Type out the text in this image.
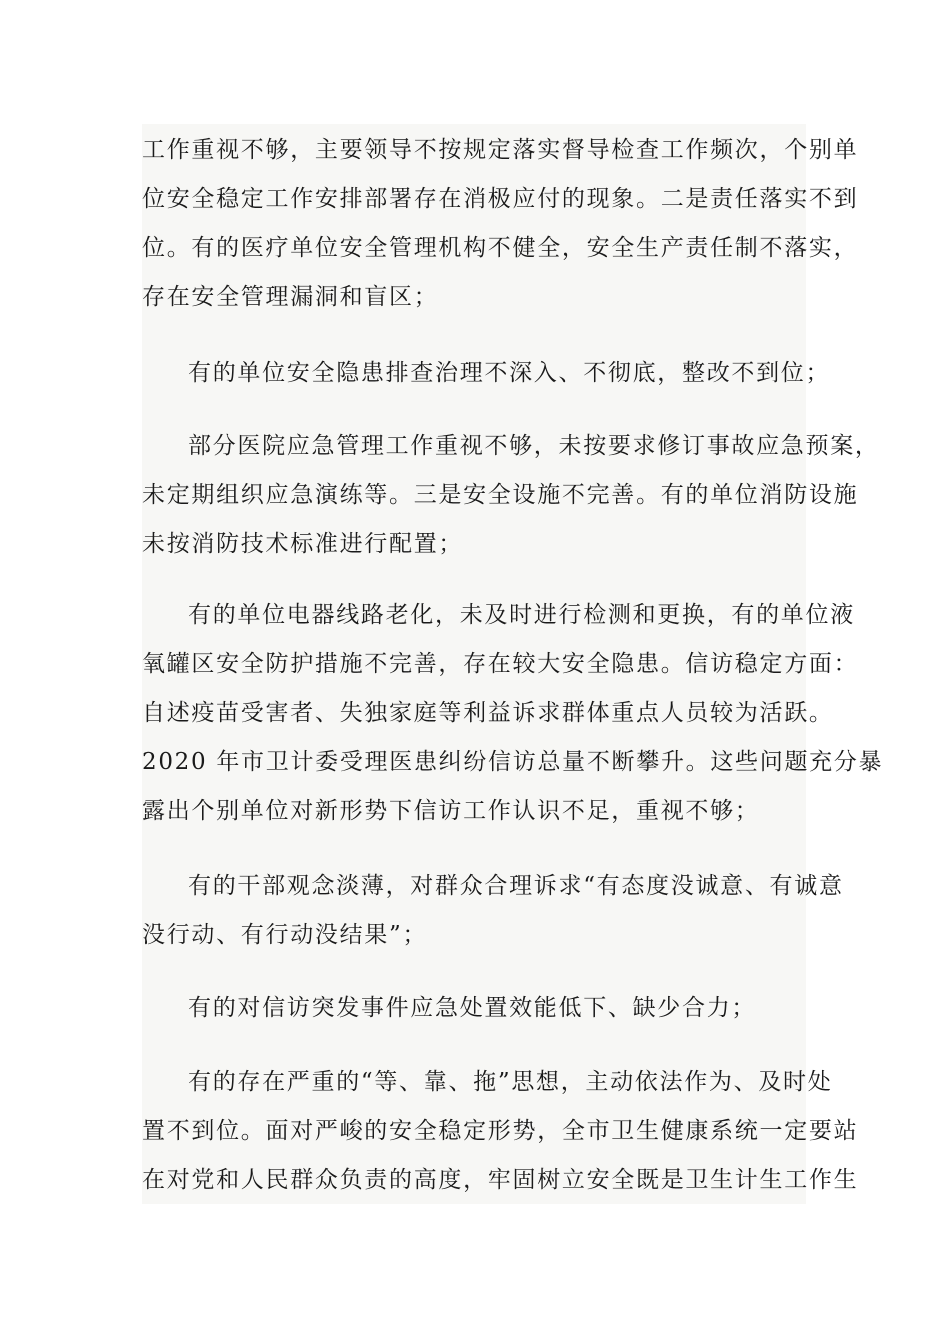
工作重视不够，主要领导不按规定落实督导检查工作频次，个别单
位安全稳定工作安排部署存在消极应付的现象。二是责任落实不到
位。有的医疗单位安全管理机构不健全，安全生产责任制不落实，
存在安全管理漏洞和盲区；

有的单位安全隐患排查治理不深入、不彻底，整改不到位；

部分医院应急管理工作重视不够，未按要求修订事故应急预案，
未定期组织应急演练等。三是安全设施不完善。有的单位消防设施
未按消防技术标准进行配置；

有的单位电器线路老化，未及时进行检测和更换，有的单位液
氧罐区安全防护措施不完善，存在较大安全隐患。信访稳定方面：
自述疫苗受害者、失独家庭等利益诉求群体重点人员较为活跃。
2020 年市卫计委受理医患纠纷信访总量不断攀升。这些问题充分暴
露出个别单位对新形势下信访工作认识不足，重视不够；

有的干部观念淡薄，对群众合理诉求“有态度没诚意、有诚意
没行动、有行动没结果”；

有的对信访突发事件应急处置效能低下、缺少合力；

有的存在严重的“等、靠、拖”思想，主动依法作为、及时处
置不到位。面对严峻的安全稳定形势，全市卫生健康系统一定要站
在对党和人民群众负责的高度，牢固树立安全既是卫生计生工作生
